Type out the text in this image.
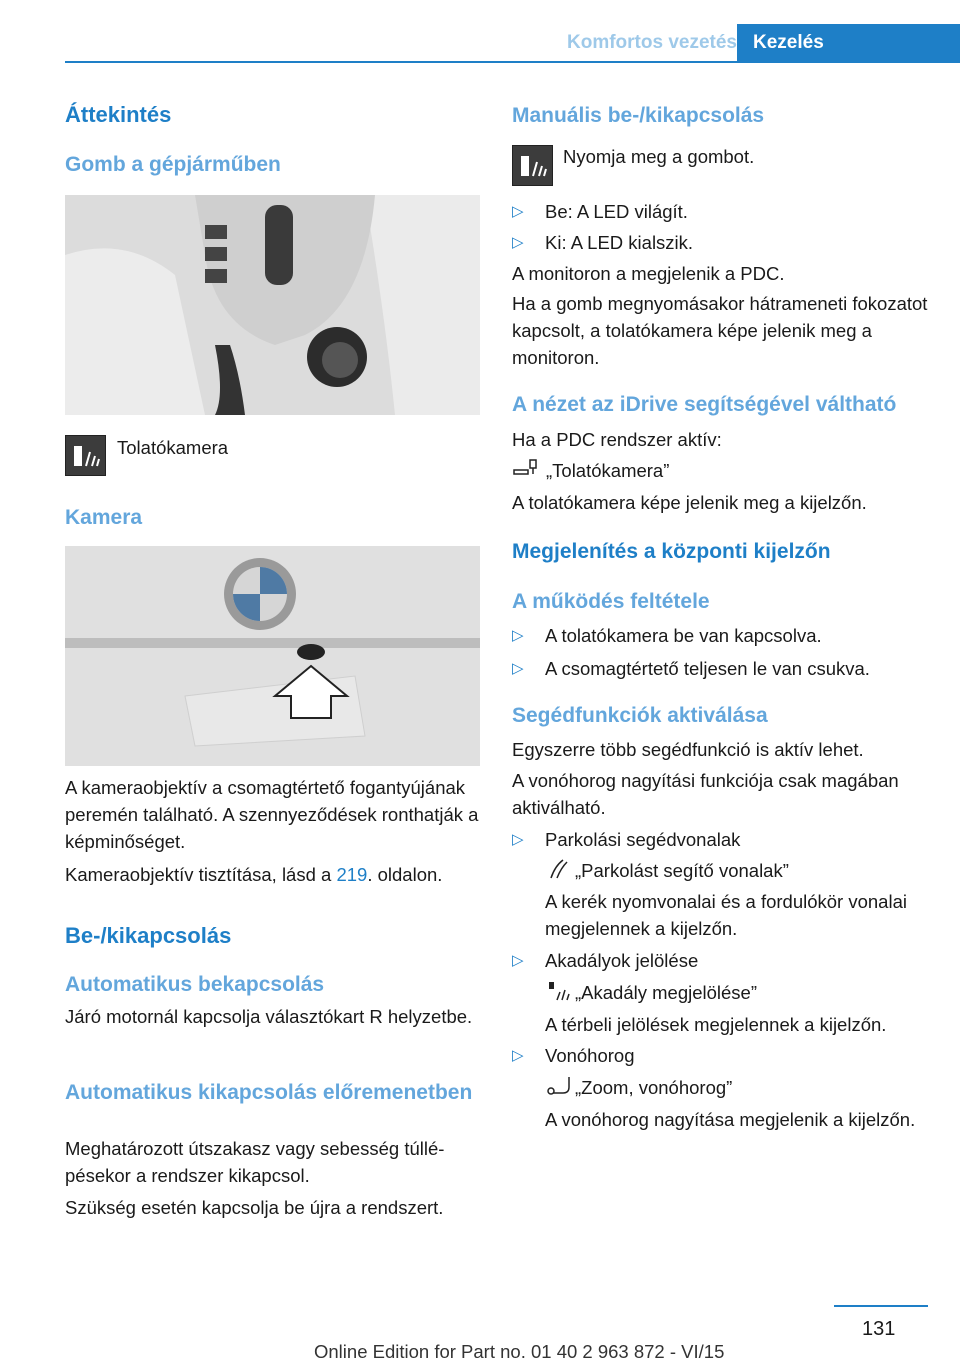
Komfortos vezetés Kezelés
Áttekintés
Gomb a gépjárműben

Tolatókamera

Kamera

A kameraobjektív a csomagtértető fogantyújának peremén található. A szennyeződések ronthatják a képminőséget.

Kameraobjektív tisztítása, lásd a 219. oldalon.

Be-/kikapcsolás
Automatikus bekapcsolás

Járó motornál kapcsolja választókart R helyzetbe.

Automatikus kikapcsolás előremenetben

Meghatározott útszakasz vagy sebesség túllépésekor a rendszer kikapcsol.

Szükség esetén kapcsolja be újra a rendszert.

Manuális be-/kikapcsolás

Nyomja meg a gombot.

▷ Be: A LED világít.
▷ Ki: A LED kialszik.

A monitoron a megjelenik a PDC.

Ha a gomb megnyomásakor hátrameneti fokozatot kapcsolt, a tolatókamera képe jelenik meg a monitoron.

A nézet az iDrive segítségével váltható

Ha a PDC rendszer aktív:

„Tolatókamera”

A tolatókamera képe jelenik meg a kijelzőn.

Megjelenítés a központi kijelzőn
A működés feltétele
▷ A tolatókamera be van kapcsolva.
▷ A csomagtértető teljesen le van csukva.
Segédfunkciók aktiválása

Egyszerre több segédfunkció is aktív lehet.

A vonóhorog nagyítási funkciója csak magában aktiválható.

▷ Parkolási segédvonalak

„Parkolást segítő vonalak”

A kerék nyomvonalai és a fordulókör vonalai megjelennek a kijelzőn.

▷ Akadályok jelölése

„Akadály megjelölése”

A térbeli jelölések megjelennek a kijelzőn.

▷ Vonóhorog

„Zoom, vonóhorog”

A vonóhorog nagyítása megjelenik a kijelzőn.

131
Online Edition for Part no. 01 40 2 963 872 - VI/15
